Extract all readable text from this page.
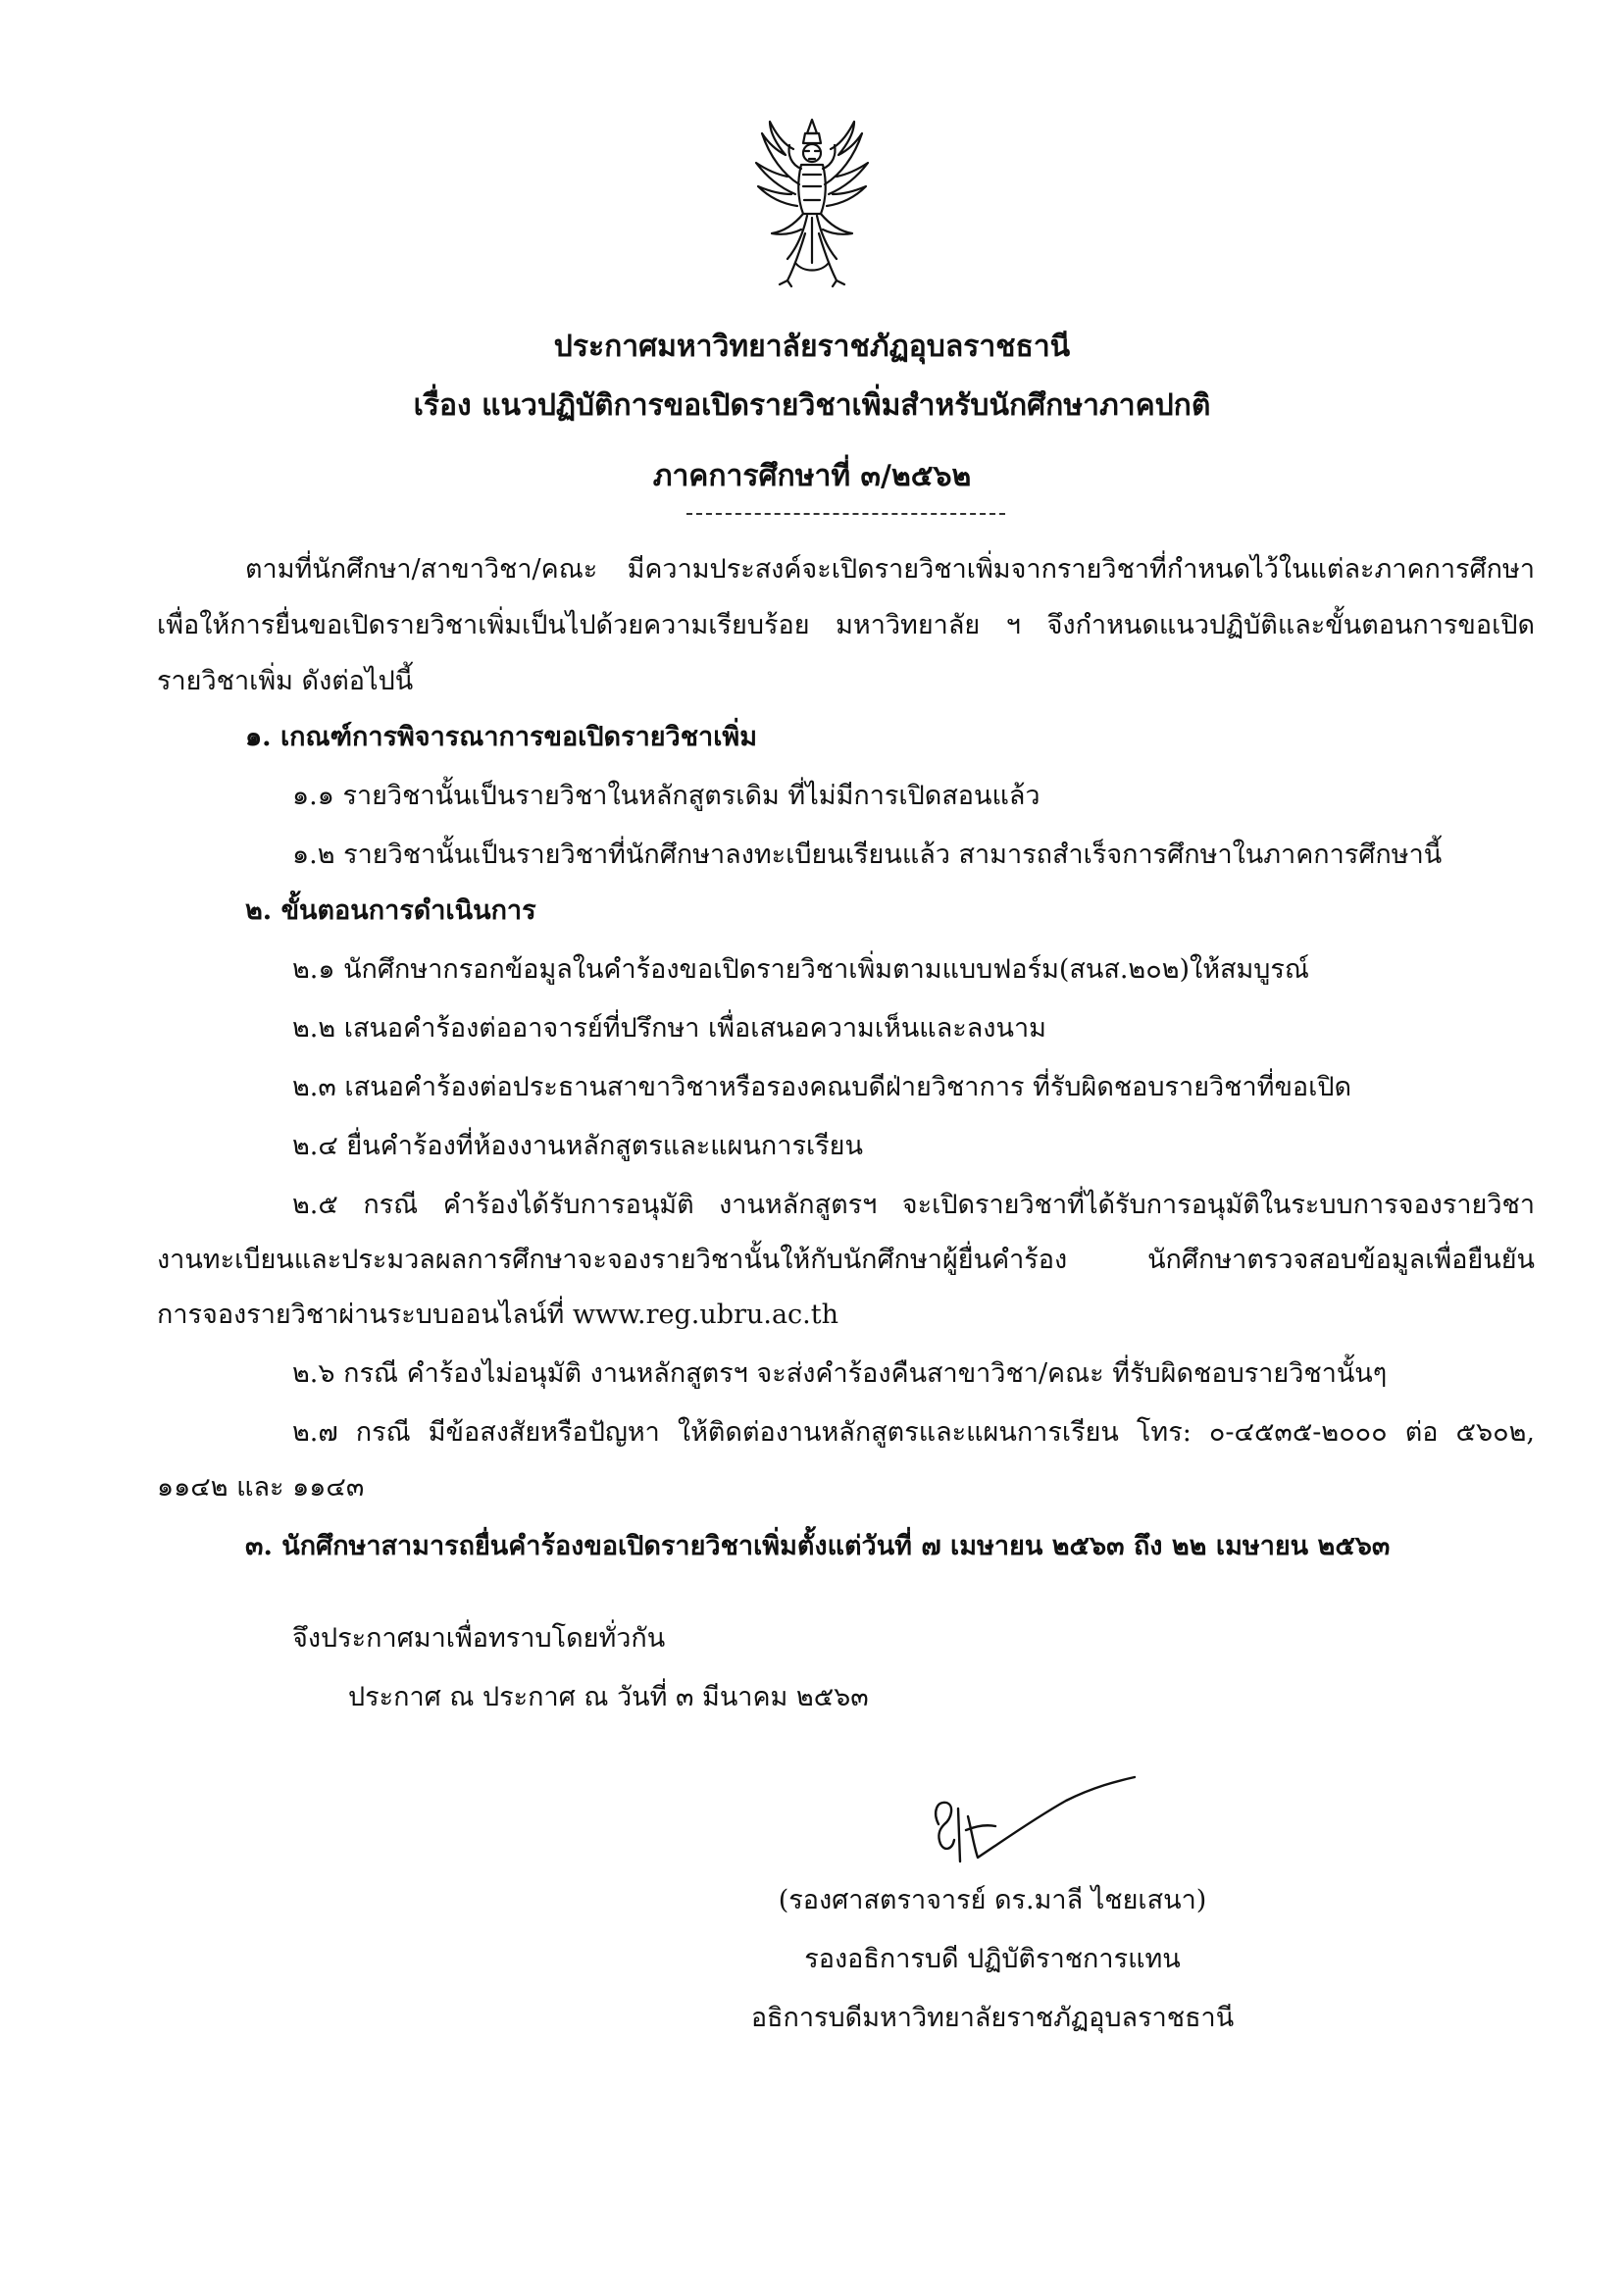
ประกาศมหาวิทยาลัยราชภัฏอุบลราชธานี
เรื่อง แนวปฏิบัติการขอเปิดรายวิชาเพิ่มสำหรับนักศึกษาภาคปกติ
ภาคการศึกษาที่ ๓/๒๕๖๒
ตามที่นักศึกษา/สาขาวิชา/คณะ มีความประสงค์จะเปิดรายวิชาเพิ่มจากรายวิชาที่กำหนดไว้ในแต่ละภาคการศึกษา
เพื่อให้การยื่นขอเปิดรายวิชาเพิ่มเป็นไปด้วยความเรียบร้อย มหาวิทยาลัย ฯ จึงกำหนดแนวปฏิบัติและขั้นตอนการขอเปิด
รายวิชาเพิ่ม ดังต่อไปนี้
๑. เกณฑ์การพิจารณาการขอเปิดรายวิชาเพิ่ม
๑.๑ รายวิชานั้นเป็นรายวิชาในหลักสูตรเดิม ที่ไม่มีการเปิดสอนแล้ว
๑.๒ รายวิชานั้นเป็นรายวิชาที่นักศึกษาลงทะเบียนเรียนแล้ว สามารถสำเร็จการศึกษาในภาคการศึกษานี้
๒. ขั้นตอนการดำเนินการ
๒.๑ นักศึกษากรอกข้อมูลในคำร้องขอเปิดรายวิชาเพิ่มตามแบบฟอร์ม(สนส.๒๐๒)ให้สมบูรณ์
๒.๒ เสนอคำร้องต่ออาจารย์ที่ปรึกษา เพื่อเสนอความเห็นและลงนาม
๒.๓ เสนอคำร้องต่อประธานสาขาวิชาหรือรองคณบดีฝ่ายวิชาการ ที่รับผิดชอบรายวิชาที่ขอเปิด
๒.๔ ยื่นคำร้องที่ห้องงานหลักสูตรและแผนการเรียน
๒.๕ กรณี คำร้องได้รับการอนุมัติ งานหลักสูตรฯ จะเปิดรายวิชาที่ได้รับการอนุมัติในระบบการจองรายวิชา
งานทะเบียนและประมวลผลการศึกษาจะจองรายวิชานั้นให้กับนักศึกษาผู้ยื่นคำร้อง นักศึกษาตรวจสอบข้อมูลเพื่อยืนยัน
การจองรายวิชาผ่านระบบออนไลน์ที่ www.reg.ubru.ac.th
๒.๖ กรณี คำร้องไม่อนุมัติ งานหลักสูตรฯ จะส่งคำร้องคืนสาขาวิชา/คณะ ที่รับผิดชอบรายวิชานั้นๆ
๒.๗ กรณี มีข้อสงสัยหรือปัญหา ให้ติดต่องานหลักสูตรและแผนการเรียน โทร: ๐-๔๕๓๕-๒๐๐๐ ต่อ ๕๖๐๒,
๑๑๔๒ และ ๑๑๔๓
๓. นักศึกษาสามารถยื่นคำร้องขอเปิดรายวิชาเพิ่มตั้งแต่วันที่ ๗ เมษายน ๒๕๖๓ ถึง ๒๒ เมษายน ๒๕๖๓
จึงประกาศมาเพื่อทราบโดยทั่วกัน
ประกาศ ณ ประกาศ ณ วันที่ ๓ มีนาคม ๒๕๖๓
(รองศาสตราจารย์ ดร.มาลี ไชยเสนา)
รองอธิการบดี ปฏิบัติราชการแทน
อธิการบดีมหาวิทยาลัยราชภัฏอุบลราชธานี
